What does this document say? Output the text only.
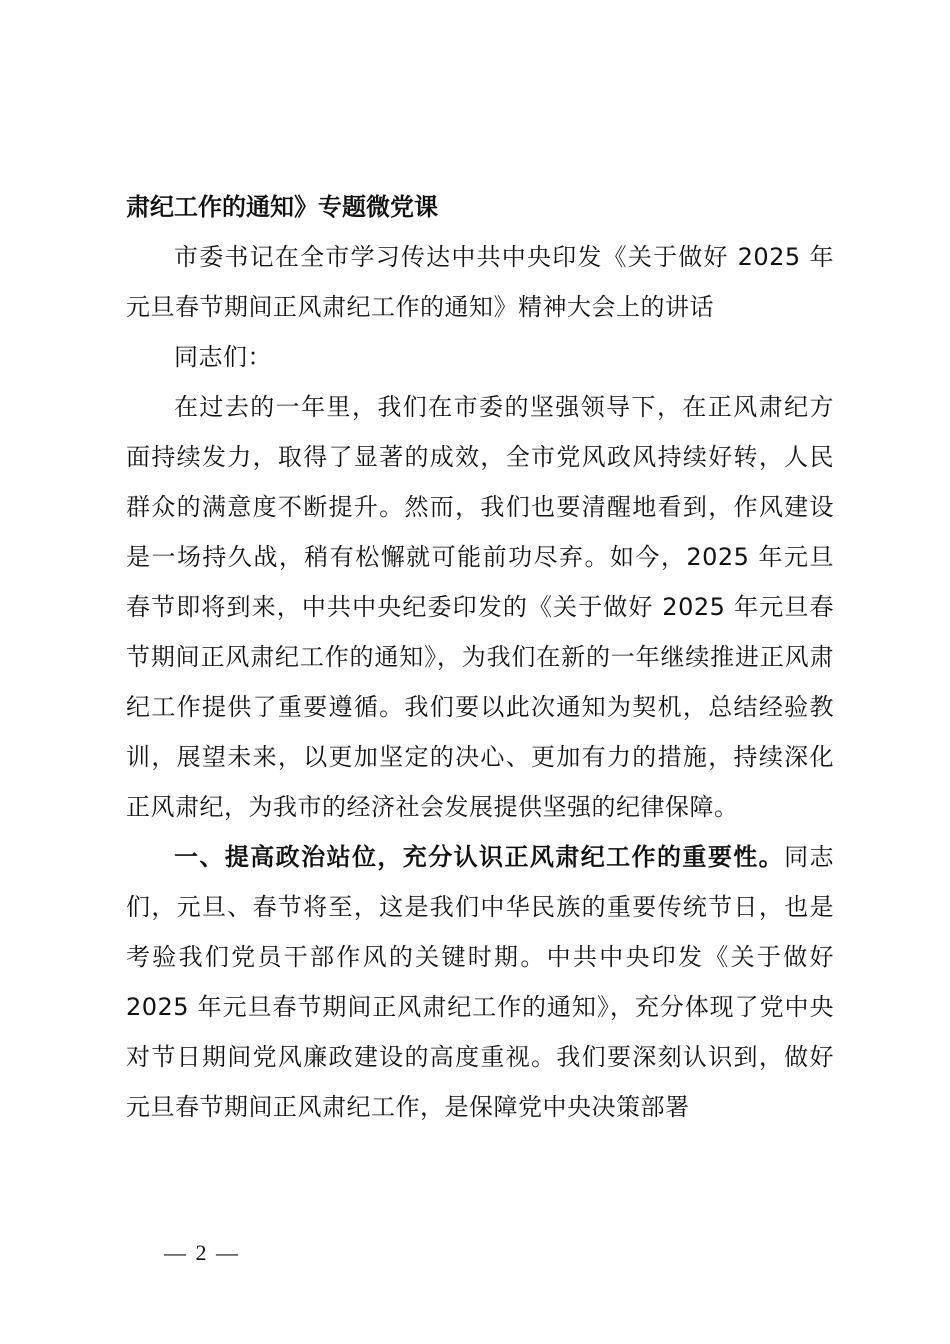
肃纪工作的通知》专题微党课

市委书记在全市学习传达中共中央印发《关于做好 2025 年元旦春节期间正风肃纪工作的通知》精神大会上的讲话

同志们：

在过去的一年里，我们在市委的坚强领导下，在正风肃纪方面持续发力，取得了显著的成效，全市党风政风持续好转，人民群众的满意度不断提升。然而，我们也要清醒地看到，作风建设是一场持久战，稍有松懈就可能前功尽弃。如今，2025 年元旦春节即将到来，中共中央纪委印发的《关于做好 2025 年元旦春节期间正风肃纪工作的通知》，为我们在新的一年继续推进正风肃纪工作提供了重要遵循。我们要以此次通知为契机，总结经验教训，展望未来，以更加坚定的决心、更加有力的措施，持续深化正风肃纪，为我市的经济社会发展提供坚强的纪律保障。

一、提高政治站位，充分认识正风肃纪工作的重要性。同志们，元旦、春节将至，这是我们中华民族的重要传统节日，也是考验我们党员干部作风的关键时期。中共中央印发《关于做好 2025 年元旦春节期间正风肃纪工作的通知》，充分体现了党中央对节日期间党风廉政建设的高度重视。我们要深刻认识到，做好元旦春节期间正风肃纪工作，是保障党中央决策部署

— 2 —
